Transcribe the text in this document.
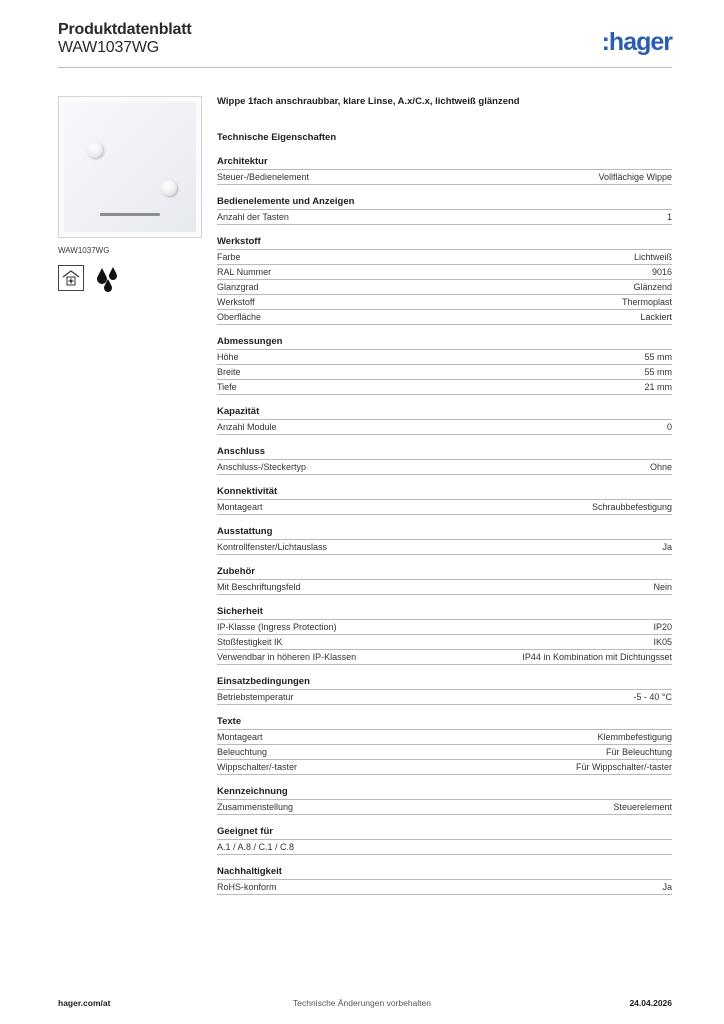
Produktdatenblatt
WAW1037WG	:hager
WAW1037WG
Wippe 1fach anschraubbar, klare Linse, A.x/C.x, lichtweiß glänzend
Technische Eigenschaften
Architektur
Steuer-/Bedienelement	Vollflächige Wippe
Bedienelemente und Anzeigen
Anzahl der Tasten	1
Werkstoff
Farbe	Lichtweiß
RAL Nummer	9016
Glanzgrad	Glänzend
Werkstoff	Thermoplast
Oberfläche	Lackiert
Abmessungen
Höhe	55 mm
Breite	55 mm
Tiefe	21 mm
Kapazität
Anzahl Module	0
Anschluss
Anschluss-/Steckertyp	Ohne
Konnektivität
Montageart	Schraubbefestigung
Ausstattung
Kontrollfenster/Lichtauslass	Ja
Zubehör
Mit Beschriftungsfeld	Nein
Sicherheit
IP-Klasse (Ingress Protection)	IP20
Stoßfestigkeit IK	IK05
Verwendbar in höheren IP-Klassen	IP44 in Kombination mit Dichtungsset
Einsatzbedingungen
Betriebstemperatur	-5 - 40 °C
Texte
Montageart	Klemmbefestigung
Beleuchtung	Für Beleuchtung
Wippschalter/-taster	Für Wippschalter/-taster
Kennzeichnung
Zusammenstellung	Steuerelement
Geeignet für
A.1 / A.8 / C.1 / C.8
Nachhaltigkeit
RoHS-konform	Ja
hager.com/at	Technische Änderungen vorbehalten	24.04.2026
